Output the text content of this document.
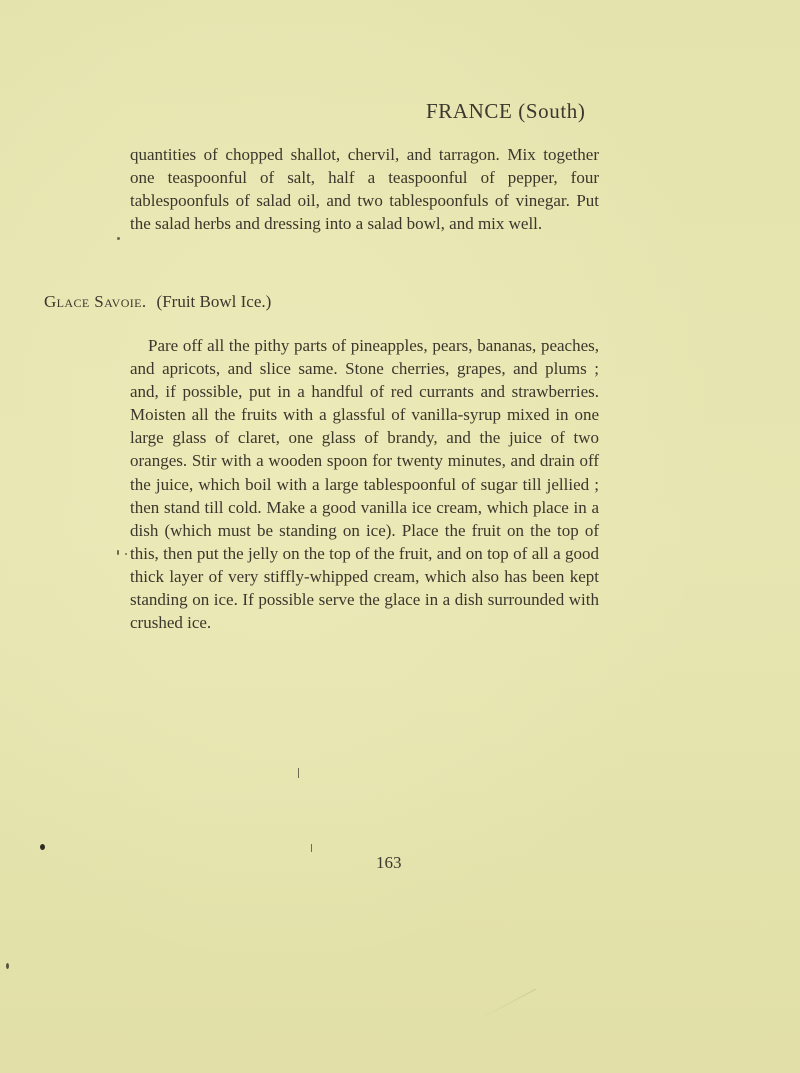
FRANCE (South)

quantities of chopped shallot, chervil, and tarragon. Mix together one teaspoonful of salt, half a teaspoonful of pepper, four tablespoonfuls of salad oil, and two tablespoonfuls of vinegar. Put the salad herbs and dressing into a salad bowl, and mix well.

Glace Savoie. (Fruit Bowl Ice.)

Pare off all the pithy parts of pineapples, pears, bananas, peaches, and apricots, and slice same. Stone cherries, grapes, and plums ; and, if possible, put in a handful of red currants and strawberries. Moisten all the fruits with a glassful of vanilla-syrup mixed in one large glass of claret, one glass of brandy, and the juice of two oranges. Stir with a wooden spoon for twenty minutes, and drain off the juice, which boil with a large tablespoonful of sugar till jellied ; then stand till cold. Make a good vanilla ice cream, which place in a dish (which must be standing on ice). Place the fruit on the top of this, then put the jelly on the top of the fruit, and on top of all a good thick layer of very stiffly-whipped cream, which also has been kept standing on ice. If possible serve the glace in a dish surrounded with crushed ice.

163
